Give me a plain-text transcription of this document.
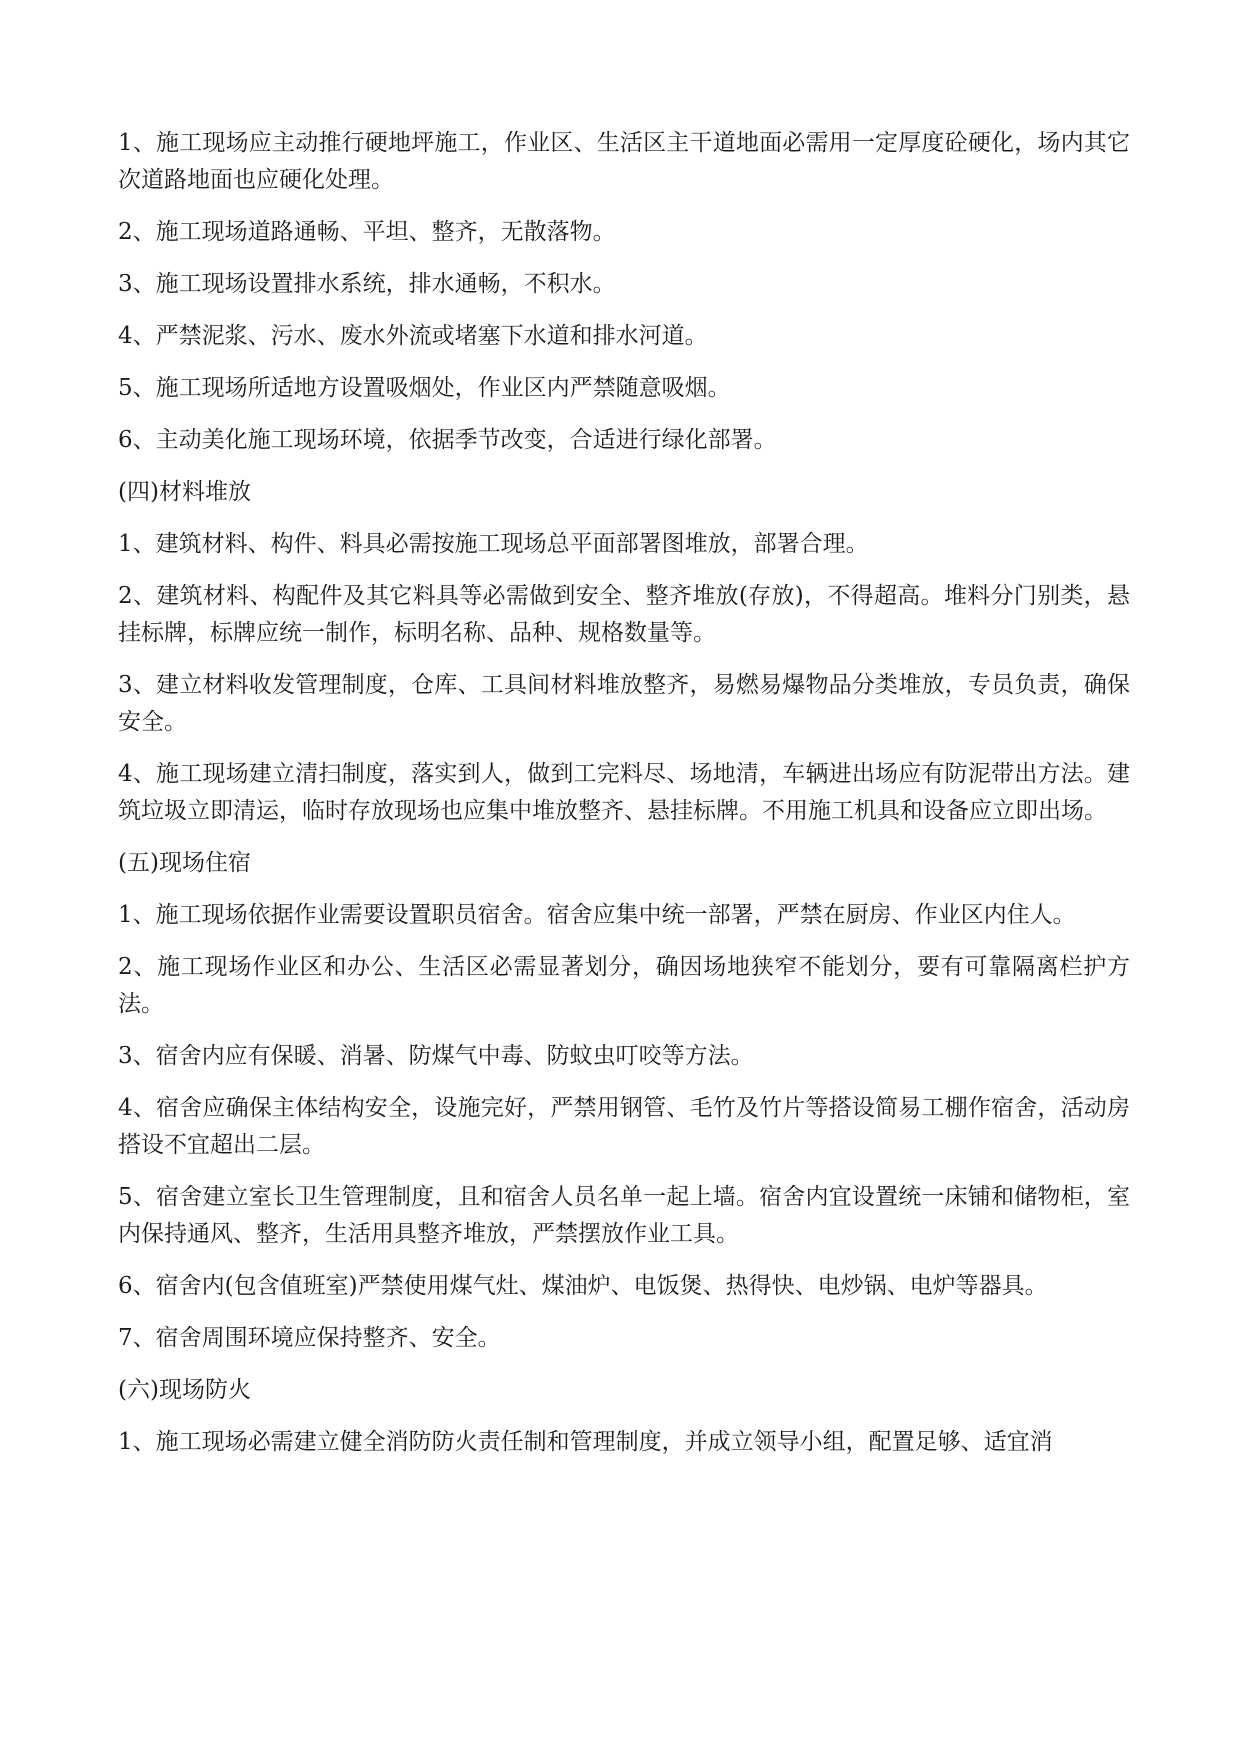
1、施工现场应主动推行硬地坪施工，作业区、生活区主干道地面必需用一定厚度砼硬化，场内其它次道路地面也应硬化处理。

2、施工现场道路通畅、平坦、整齐，无散落物。

3、施工现场设置排水系统，排水通畅，不积水。

4、严禁泥浆、污水、废水外流或堵塞下水道和排水河道。

5、施工现场所适地方设置吸烟处，作业区内严禁随意吸烟。

6、主动美化施工现场环境，依据季节改变，合适进行绿化部署。

(四)材料堆放

1、建筑材料、构件、料具必需按施工现场总平面部署图堆放，部署合理。

2、建筑材料、构配件及其它料具等必需做到安全、整齐堆放(存放)，不得超高。堆料分门别类，悬挂标牌，标牌应统一制作，标明名称、品种、规格数量等。

3、建立材料收发管理制度，仓库、工具间材料堆放整齐，易燃易爆物品分类堆放，专员负责，确保安全。

4、施工现场建立清扫制度，落实到人，做到工完料尽、场地清，车辆进出场应有防泥带出方法。建筑垃圾立即清运，临时存放现场也应集中堆放整齐、悬挂标牌。不用施工机具和设备应立即出场。

(五)现场住宿

1、施工现场依据作业需要设置职员宿舍。宿舍应集中统一部署，严禁在厨房、作业区内住人。

2、施工现场作业区和办公、生活区必需显著划分，确因场地狭窄不能划分，要有可靠隔离栏护方法。

3、宿舍内应有保暖、消暑、防煤气中毒、防蚊虫叮咬等方法。

4、宿舍应确保主体结构安全，设施完好，严禁用钢管、毛竹及竹片等搭设简易工棚作宿舍，活动房搭设不宜超出二层。

5、宿舍建立室长卫生管理制度，且和宿舍人员名单一起上墙。宿舍内宜设置统一床铺和储物柜，室内保持通风、整齐，生活用具整齐堆放，严禁摆放作业工具。

6、宿舍内(包含值班室)严禁使用煤气灶、煤油炉、电饭煲、热得快、电炒锅、电炉等器具。

7、宿舍周围环境应保持整齐、安全。

(六)现场防火

1、施工现场必需建立健全消防防火责任制和管理制度，并成立领导小组，配置足够、适宜消
